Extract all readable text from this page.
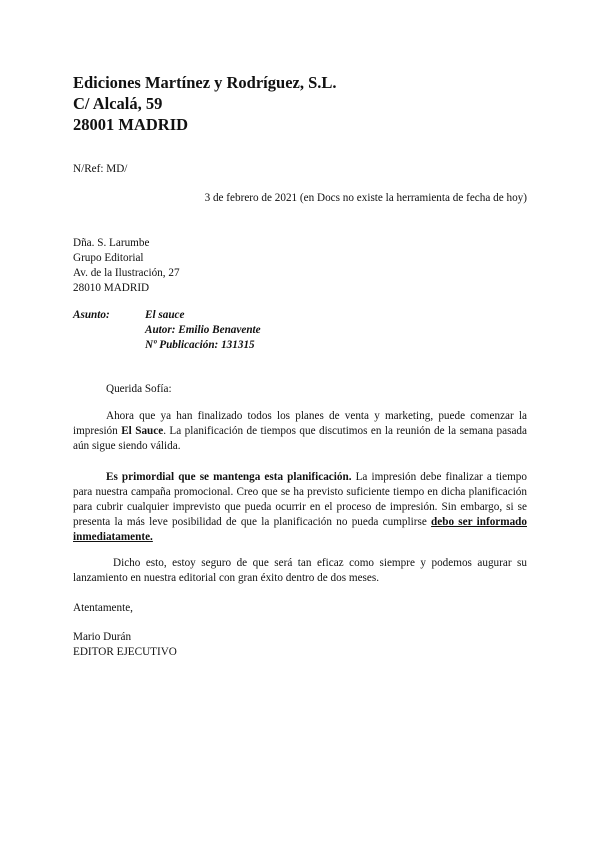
Ediciones Martínez y Rodríguez, S.L.
C/ Alcalá, 59
28001 MADRID
N/Ref: MD/
3 de febrero de 2021 (en Docs no existe la herramienta de fecha de hoy)
Dña. S. Larumbe
Grupo Editorial
Av. de la Ilustración, 27
28010 MADRID
Asunto:	El sauce
Autor: Emilio Benavente
Nº Publicación: 131315
Querida Sofía:
Ahora que ya han finalizado todos los planes de venta y marketing, puede comenzar la impresión El Sauce. La planificación de tiempos que discutimos en la reunión de la semana pasada aún sigue siendo válida.
Es primordial que se mantenga esta planificación. La impresión debe finalizar a tiempo para nuestra campaña promocional. Creo que se ha previsto suficiente tiempo en dicha planificación para cubrir cualquier imprevisto que pueda ocurrir en el proceso de impresión. Sin embargo, si se presenta la más leve posibilidad de que la planificación no pueda cumplirse debo ser informado inmediatamente.
Dicho esto, estoy seguro de que será tan eficaz como siempre y podemos augurar su lanzamiento en nuestra editorial con gran éxito dentro de dos meses.
Atentamente,
Mario Durán
EDITOR EJECUTIVO
